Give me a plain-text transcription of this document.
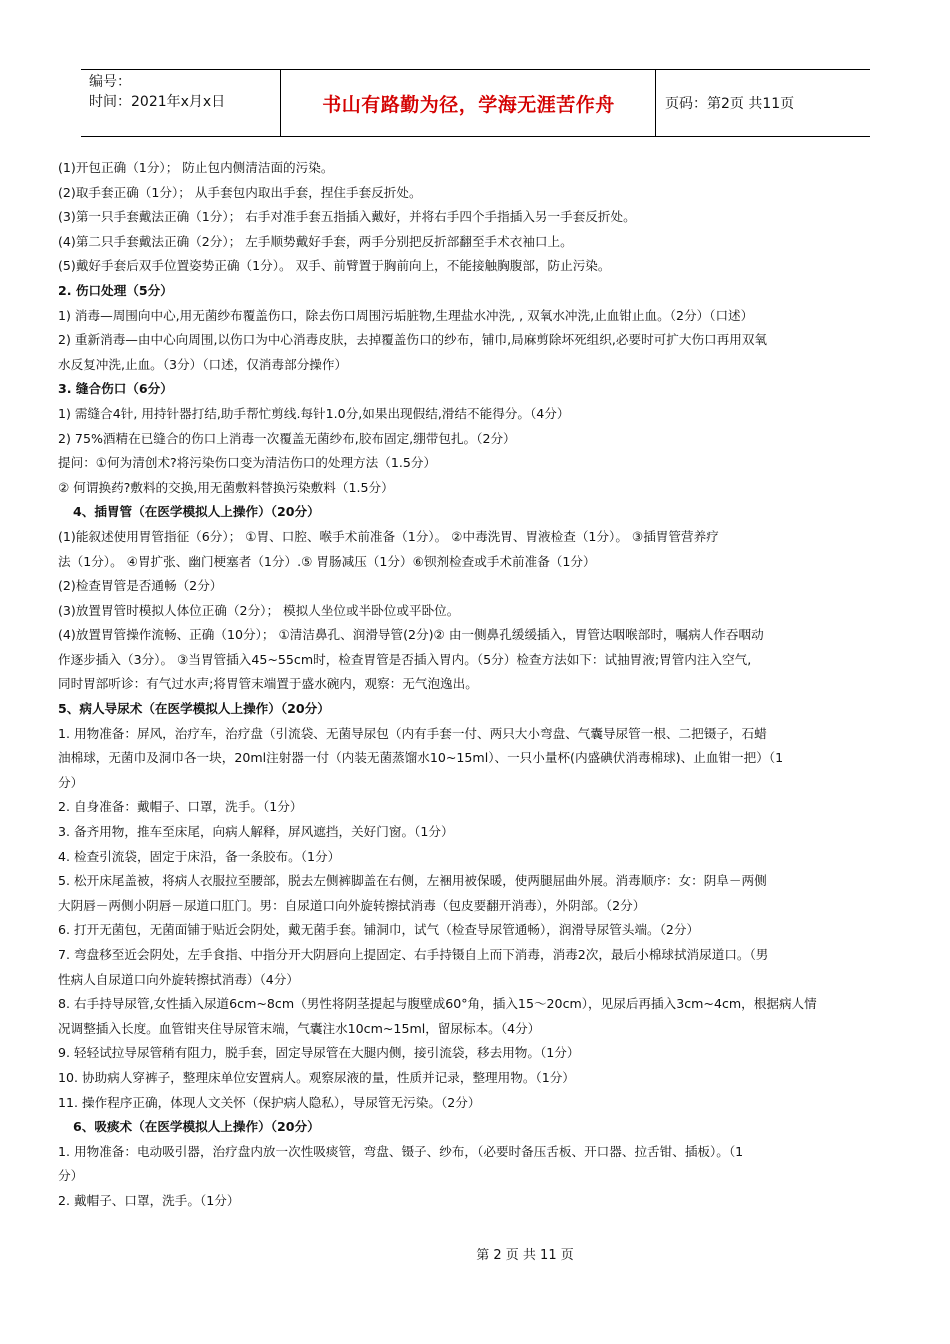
编号：
时间：2021年x月x日	书山有路勤为径，学海无涯苦作舟	页码：第2页 共11页

(1)开包正确（1分）； 防止包内侧清洁面的污染。

(2)取手套正确（1分）； 从手套包内取出手套，捏住手套反折处。

(3)第一只手套戴法正确（1分）； 右手对准手套五指插入戴好，并将右手四个手指插入另一手套反折处。

(4)第二只手套戴法正确（2分）； 左手顺势戴好手套，两手分别把反折部翻至手术衣袖口上。

(5)戴好手套后双手位置姿势正确（1分）。 双手、前臂置于胸前向上，不能接触胸腹部，防止污染。

2. 伤口处理（5分）

1) 消毒—周围向中心,用无菌纱布覆盖伤口，除去伤口周围污垢脏物,生理盐水冲洗, , 双氧水冲洗,止血钳止血。（2分）（口述）

2) 重新消毒—由中心向周围,以伤口为中心消毒皮肤，去掉覆盖伤口的纱布，铺巾,局麻剪除坏死组织,必要时可扩大伤口再用双氧

水反复冲洗,止血。（3分）（口述，仅消毒部分操作）

3. 缝合伤口（6分）

1) 需缝合4针, 用持针器打结,助手帮忙剪线.每针1.0分,如果出现假结,滑结不能得分。（4分）

2) 75%酒精在已缝合的伤口上消毒一次覆盖无菌纱布,胶布固定,绷带包扎。（2分）

提问：①何为清创术?将污染伤口变为清洁伤口的处理方法（1.5分）

② 何谓换药?敷料的交换,用无菌敷料替换污染敷料（1.5分）

4、插胃管（在医学模拟人上操作）（20分）

(1)能叙述使用胃管指征（6分）； ①胃、口腔、喉手术前准备（1分）。 ②中毒洗胃、胃液检查（1分）。 ③插胃管营养疗

法（1分）。 ④胃扩张、幽门梗塞者（1分）.⑤ 胃肠减压（1分）⑥钡剂检查或手术前准备（1分）

(2)检查胃管是否通畅（2分）

(3)放置胃管时模拟人体位正确（2分）； 模拟人坐位或半卧位或平卧位。

(4)放置胃管操作流畅、正确（10分）； ①清洁鼻孔、润滑导管(2分)② 由一侧鼻孔缓缓插入，胃管达咽喉部时，嘱病人作吞咽动

作逐步插入（3分）。 ③当胃管插入45~55cm时，检查胃管是否插入胃内。（5分）检查方法如下：试抽胃液;胃管内注入空气,

同时胃部听诊：有气过水声;将胃管末端置于盛水碗内，观察：无气泡逸出。

5、病人导尿术（在医学模拟人上操作）（20分）

1. 用物准备：屏风，治疗车，治疗盘（引流袋、无菌导尿包（内有手套一付、两只大小弯盘、气囊导尿管一根、二把镊子，石蜡

油棉球，无菌巾及洞巾各一块，20ml注射器一付（内装无菌蒸馏水10~15ml）、一只小量杯(内盛碘伏消毒棉球)、止血钳一把）（1

分）

2. 自身准备：戴帽子、口罩，洗手。（1分）

3. 备齐用物，推车至床尾，向病人解释，屏风遮挡，关好门窗。（1分）

4. 检查引流袋，固定于床沿，备一条胶布。（1分）

5. 松开床尾盖被，将病人衣服拉至腰部，脱去左侧裤脚盖在右侧，左裍用被保暖，使两腿屈曲外展。消毒顺序：女：阴阜－两侧

大阴唇－两侧小阴唇－尿道口肛门。男：自尿道口向外旋转擦拭消毒（包皮要翻开消毒），外阴部。（2分）

6. 打开无菌包，无菌面铺于贴近会阴处，戴无菌手套。铺洞巾，试气（检查导尿管通畅），润滑导尿管头端。（2分）

7. 弯盘移至近会阴处，左手食指、中指分开大阴唇向上提固定、右手持镊自上而下消毒，消毒2次，最后小棉球拭消尿道口。（男

性病人自尿道口向外旋转擦拭消毒）（4分）

8. 右手持导尿管,女性插入尿道6cm~8cm（男性将阴茎提起与腹壁成60°角，插入15～20cm），见尿后再插入3cm~4cm，根据病人情

况调整插入长度。血管钳夹住导尿管末端，气囊注水10cm~15ml，留尿标本。（4分）

9. 轻轻试拉导尿管稍有阻力，脱手套，固定导尿管在大腿内侧，接引流袋，移去用物。（1分）

10. 协助病人穿裤子，整理床单位安置病人。观察尿液的量，性质并记录，整理用物。（1分）

11. 操作程序正确，体现人文关怀（保护病人隐私），导尿管无污染。（2分）

6、吸痰术（在医学模拟人上操作）（20分）

1. 用物准备：电动吸引器，治疗盘内放一次性吸痰管，弯盘、镊子、纱布，（必要时备压舌板、开口器、拉舌钳、插板）。（1

分）

2. 戴帽子、口罩，洗手。（1分）

第 2 页 共 11 页
